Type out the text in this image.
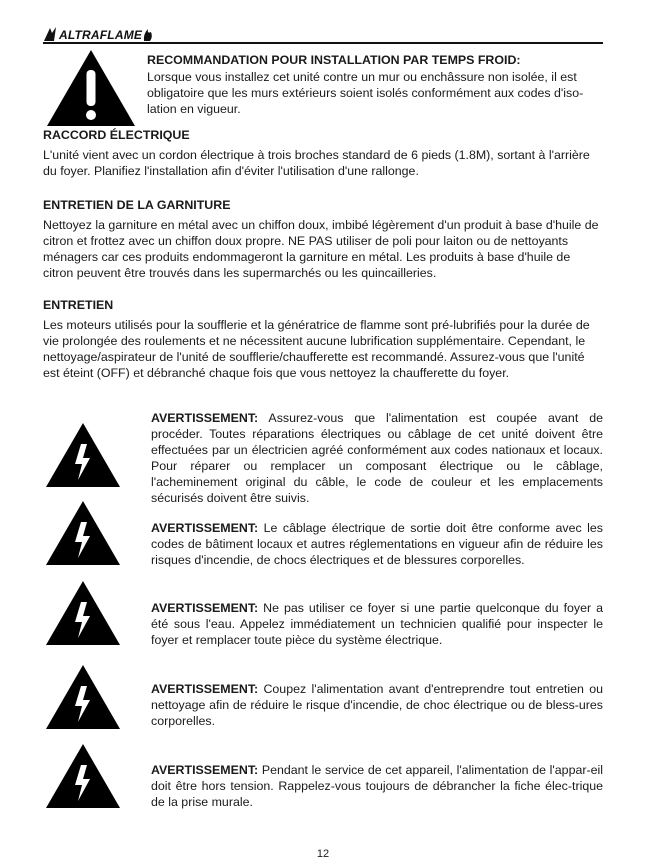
ALTRAFLAME
RECOMMANDATION POUR INSTALLATION PAR TEMPS FROID:

Lorsque vous installez cet unité contre un mur ou enchâssure non isolée, il est obligatoire que les murs extérieurs soient isolés conformément aux codes d'iso-lation en vigueur.

RACCORD ÉLECTRIQUE

L'unité vient avec un cordon électrique à trois broches standard de 6 pieds (1.8M), sortant à l'arrière du foyer. Planifiez l'installation afin d'éviter l'utilisation d'une rallonge.

ENTRETIEN DE LA GARNITURE

Nettoyez la garniture en métal avec un chiffon doux, imbibé légèrement d'un produit à base d'huile de citron et frottez avec un chiffon doux propre. NE PAS utiliser de poli pour laiton ou de nettoyants ménagers car ces produits endommageront la garniture en métal. Les produits à base d'huile de citron peuvent être trouvés dans les supermarchés ou les quincailleries.

ENTRETIEN

Les moteurs utilisés pour la soufflerie et la génératrice de flamme sont pré-lubrifiés pour la durée de vie prolongée des roulements et ne nécessitent aucune lubrification supplémentaire. Cependant, le nettoyage/aspirateur de l'unité de soufflerie/chaufferette est recommandé. Assurez-vous que l'unité est éteint (OFF) et débranché chaque fois que vous nettoyez la chaufferette du foyer.

AVERTISSEMENT: Assurez-vous que l'alimentation est coupée avant de procéder. Toutes réparations électriques ou câblage de cet unité doivent être effectuées par un électricien agréé conformément aux codes nationaux et locaux. Pour réparer ou remplacer un composant électrique ou le câblage, l'acheminement original du câble, le code de couleur et les emplacements sécurisés doivent être suivis.

AVERTISSEMENT: Le câblage électrique de sortie doit être conforme avec les codes de bâtiment locaux et autres réglementations en vigueur afin de réduire les risques d'incendie, de chocs électriques et de blessures corporelles.

AVERTISSEMENT: Ne pas utiliser ce foyer si une partie quelconque du foyer a été sous l'eau. Appelez immédiatement un technicien qualifié pour inspecter le foyer et remplacer toute pièce du système électrique.

AVERTISSEMENT: Coupez l'alimentation avant d'entreprendre tout entretien ou nettoyage afin de réduire le risque d'incendie, de choc électrique ou de bless-ures corporelles.

AVERTISSEMENT: Pendant le service de cet appareil, l'alimentation de l'appar-eil doit être hors tension. Rappelez-vous toujours de débrancher la fiche élec-trique de la prise murale.

12
